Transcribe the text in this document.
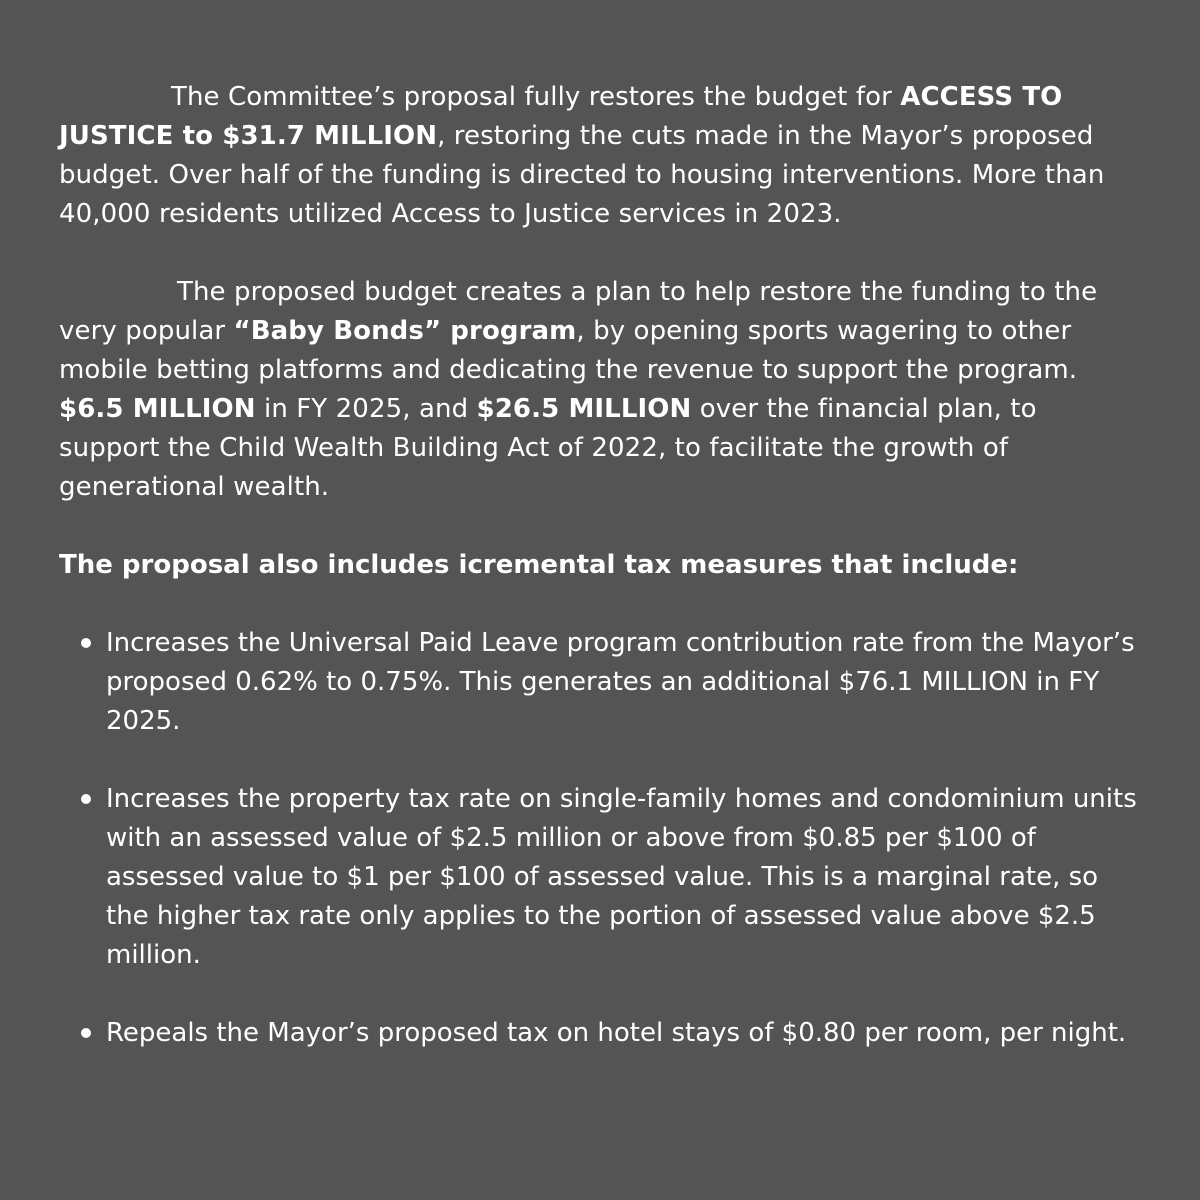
The Committee’s proposal fully restores the budget for ACCESS TO JUSTICE to $31.7 MILLION, restoring the cuts made in the Mayor’s proposed budget. Over half of the funding is directed to housing interventions. More than 40,000 residents utilized Access to Justice services in 2023.

The proposed budget creates a plan to help restore the funding to the very popular “Baby Bonds” program, by opening sports wagering to other mobile betting platforms and dedicating the revenue to support the program. $6.5 MILLION in FY 2025, and $26.5 MILLION over the financial plan, to support the Child Wealth Building Act of 2022, to facilitate the growth of generational wealth.

The proposal also includes icremental tax measures that include:

Increases the Universal Paid Leave program contribution rate from the Mayor’s proposed 0.62% to 0.75%. This generates an additional $76.1 MILLION in FY 2025.
Increases the property tax rate on single-family homes and condominium units with an assessed value of $2.5 million or above from $0.85 per $100 of assessed value to $1 per $100 of assessed value. This is a marginal rate, so the higher tax rate only applies to the portion of assessed value above $2.5 million.
Repeals the Mayor’s proposed tax on hotel stays of $0.80 per room, per night.
